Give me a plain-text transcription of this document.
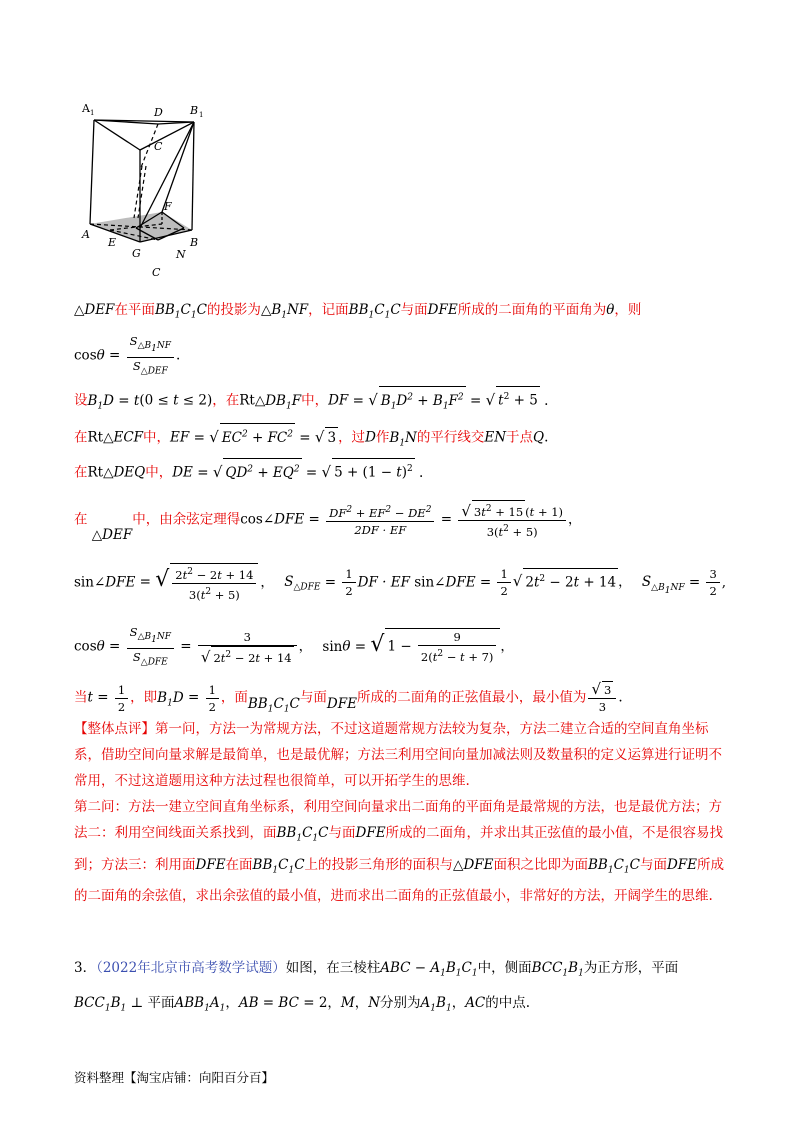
A 1	D B 1
C
F
A
E
G
B
N
C
△DEF在平面$BB_1C_1C$的投影为$\triangle B_1NF$，记面$BB_1C_1C$与面DFE所成的二面角的平面角为θ，则
$\cos\theta = \frac{S_{\triangle B_1NF}}{S_{\triangle DEF}}$ .
设$B_1D = t(0 \le t \le 2)$，在$Rt\triangle DB_1F$中，DF = √ $B_1D^2 + B_1F^2$ = √ $t^2 + 5$ .
在Rt△ECF中，EF = √ $EC^2 + FC^2$ = √ 3 ，过D作$B_1N$的平行线交EN于点Q.
在Rt△DEQ中，DE = √ $QD^2 + EQ^2$ = √ $5 + (1 - t)^2$ .
在 △DEF中，由余弦定理得cos∠DFE = $\frac{DF^2 + EF^2 - DE^2}{2DF \cdot EF} = \frac{√ 3t^2 + 15 (t + 1)}{3(t^2 + 5)}$ ，
sin∠DFE = √ $\frac{2t^2 - 2t + 14}{3(t^2 + 5)}$ ， $S_{\triangle DFE} = \frac{1}{2}$ DF · EF sin∠DFE = $\frac{1}{2}$ √ $2t^2 - 2t + 14$ ， $S_{\triangle B_1NF} = \frac{3}{2}$ ,
$\cos\theta = \frac{S_{\triangle B_1NF}}{S_{\triangle DFE}} = \frac{3}{√ 2t^2 - 2t + 14}$ ， sinθ = √ $1 - \frac{9}{2(t^2 - t + 7)}$ ，
当$t = \frac{1}{2}$ ，即$B_1D = \frac{1}{2}$ ，面$BB_1C_1C$与面DFE所成的二面角的正弦值最小，最小值为 $\frac{√ 3}{3}$ .
【整体点评】第一问，方法一为常规方法，不过这道题常规方法较为复杂，方法二建立合适的空间直角坐标系，借助空间向量求解是最简单，也是最优解；方法三利用空间向量加减法则及数量积的定义运算进行证明不常用，不过这道题用这种方法过程也很简单，可以开拓学生的思维.
第二问：方法一建立空间直角坐标系，利用空间向量求出二面角的平面角是最常规的方法，也是最优方法；方法二：利用空间线面关系找到，面$BB_1C_1C$与面DFE所成的二面角，并求出其正弦值的最小值，不是很容易找到；方法三：利用面DFE在面$BB_1C_1C$上的投影三角形的面积与△DFE面积之比即为面$BB_1C_1C$与面DFE所成的二面角的余弦值，求出余弦值的最小值，进而求出二面角的正弦值最小，非常好的方法，开阔学生的思维.
3．（2022年北京市高考数学试题）如图，在三棱柱ABC − $A_1B_1C_1$中，侧面$BCC_1B_1$为正方形，平面
$BCC_1B_1$ ⊥ 平面$ABB_1A_1$，AB = BC = 2，M，N分别为$A_1B_1$，AC的中点.
资料整理【淘宝店铺：向阳百分百】
